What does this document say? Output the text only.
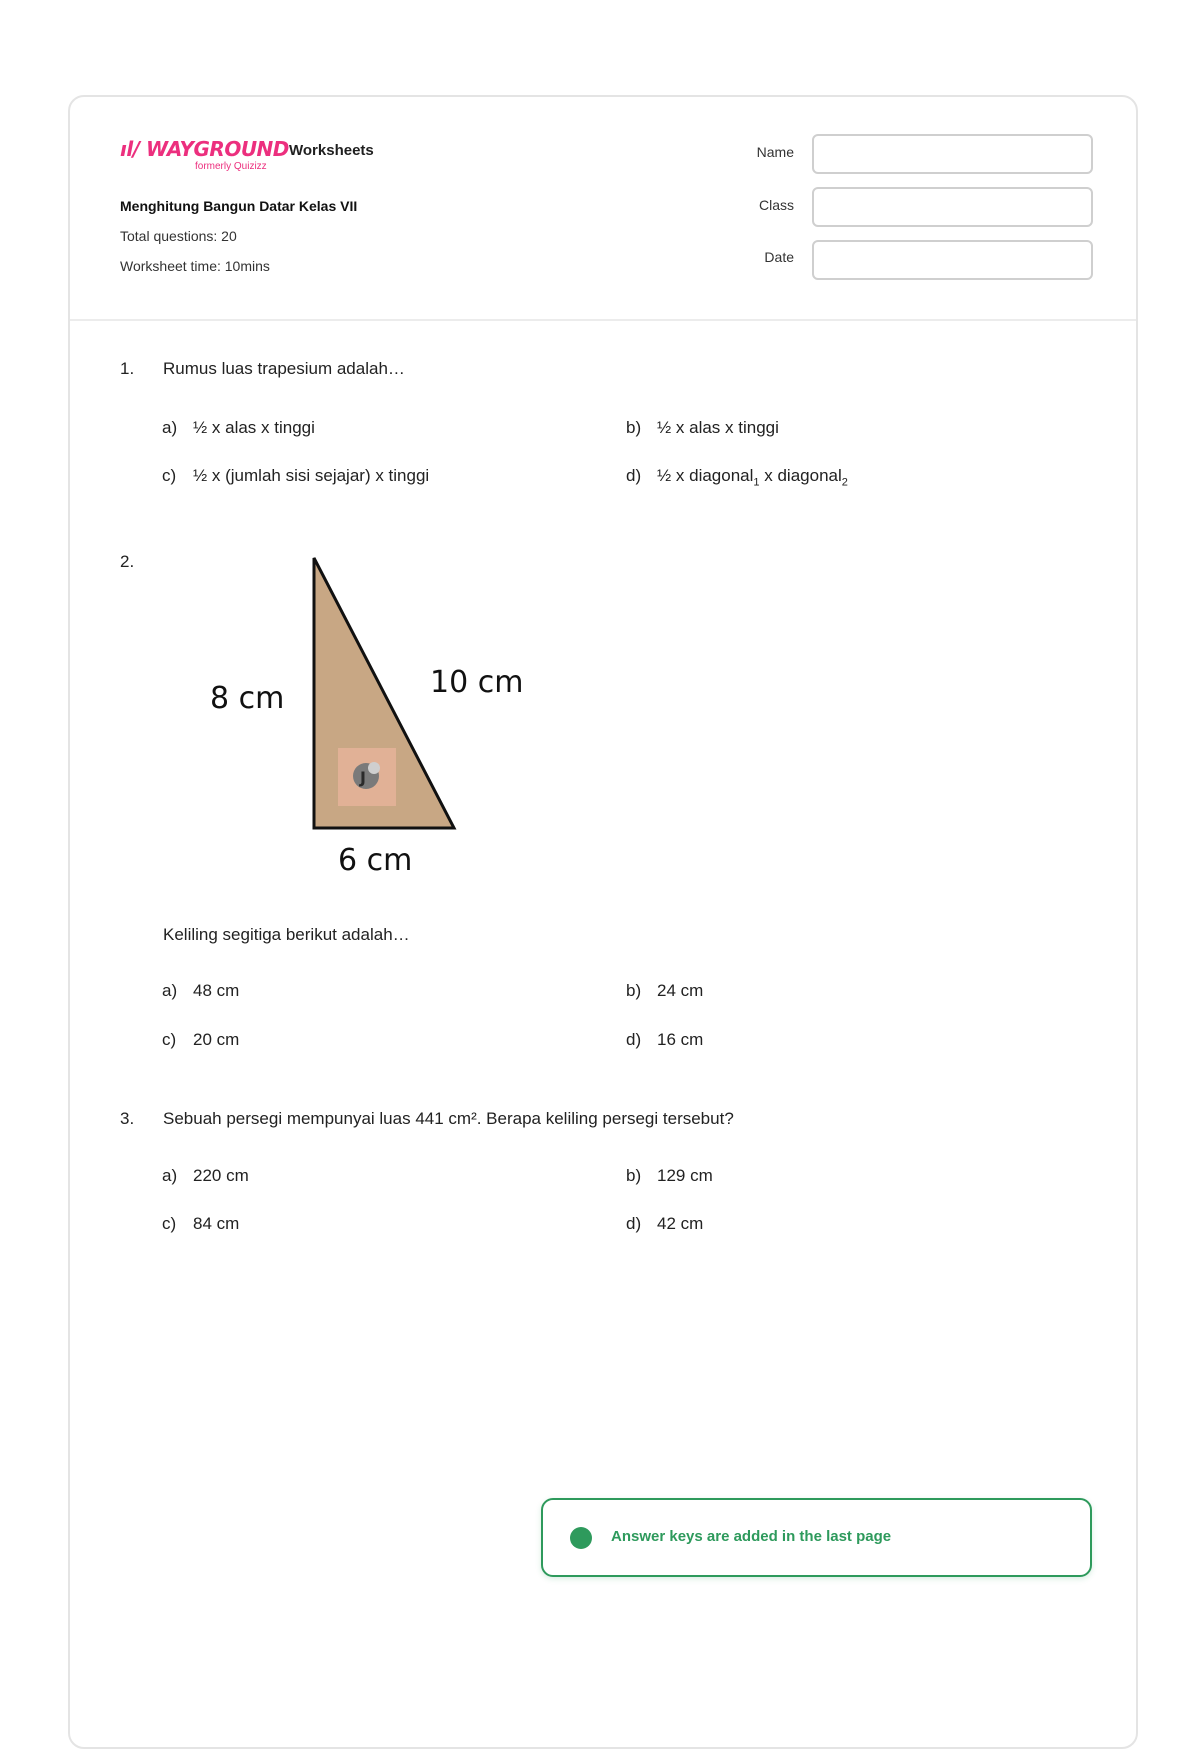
ıl/ WAYGROUND
formerly Quizizz
Worksheets
Menghitung Bangun Datar Kelas VII
Total questions: 20
Worksheet time: 10mins
Name
Class
Date
1. Rumus luas trapesium adalah…
a) ½ x alas x tinggi	b) ½ x alas x tinggi
c) ½ x (jumlah sisi sejajar) x tinggi	d) ½ x diagonal$_1$ x diagonal$_2$
2.
J
8 cm	10 cm
6 cm
Keliling segitiga berikut adalah…
a) 48 cm	b) 24 cm
c) 20 cm	d) 16 cm
3. Sebuah persegi mempunyai luas 441 cm². Berapa keliling persegi tersebut?
a) 220 cm	b) 129 cm
c) 84 cm	d) 42 cm
Answer keys are added in the last page
